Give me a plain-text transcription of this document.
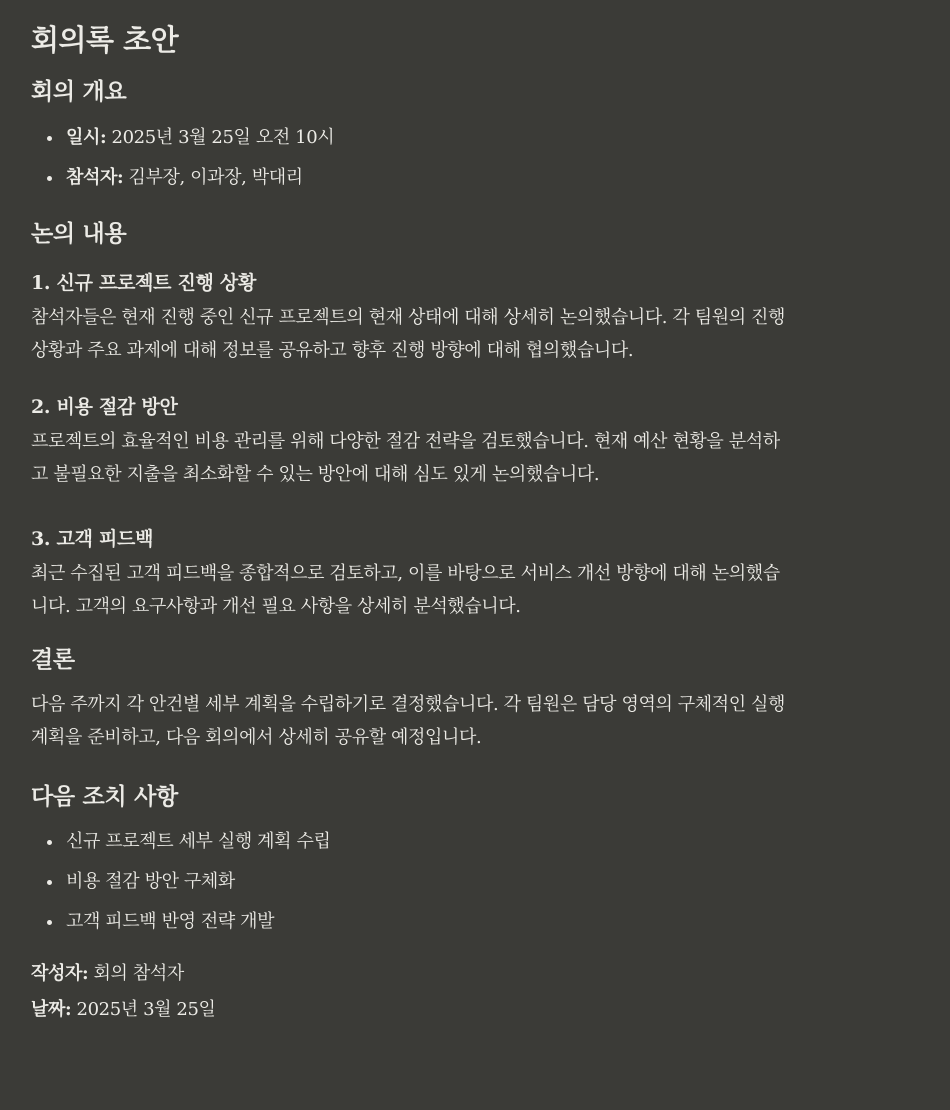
회의록 초안
회의 개요
일시: 2025년 3월 25일 오전 10시
참석자: 김부장, 이과장, 박대리
논의 내용
1. 신규 프로젝트 진행 상황

참석자들은 현재 진행 중인 신규 프로젝트의 현재 상태에 대해 상세히 논의했습니다. 각 팀원의 진행

상황과 주요 과제에 대해 정보를 공유하고 향후 진행 방향에 대해 협의했습니다.

2. 비용 절감 방안

프로젝트의 효율적인 비용 관리를 위해 다양한 절감 전략을 검토했습니다. 현재 예산 현황을 분석하

고 불필요한 지출을 최소화할 수 있는 방안에 대해 심도 있게 논의했습니다.

3. 고객 피드백

최근 수집된 고객 피드백을 종합적으로 검토하고, 이를 바탕으로 서비스 개선 방향에 대해 논의했습

니다. 고객의 요구사항과 개선 필요 사항을 상세히 분석했습니다.

결론

다음 주까지 각 안건별 세부 계획을 수립하기로 결정했습니다. 각 팀원은 담당 영역의 구체적인 실행

계획을 준비하고, 다음 회의에서 상세히 공유할 예정입니다.

다음 조치 사항
신규 프로젝트 세부 실행 계획 수립
비용 절감 방안 구체화
고객 피드백 반영 전략 개발
작성자: 회의 참석자
날짜: 2025년 3월 25일
